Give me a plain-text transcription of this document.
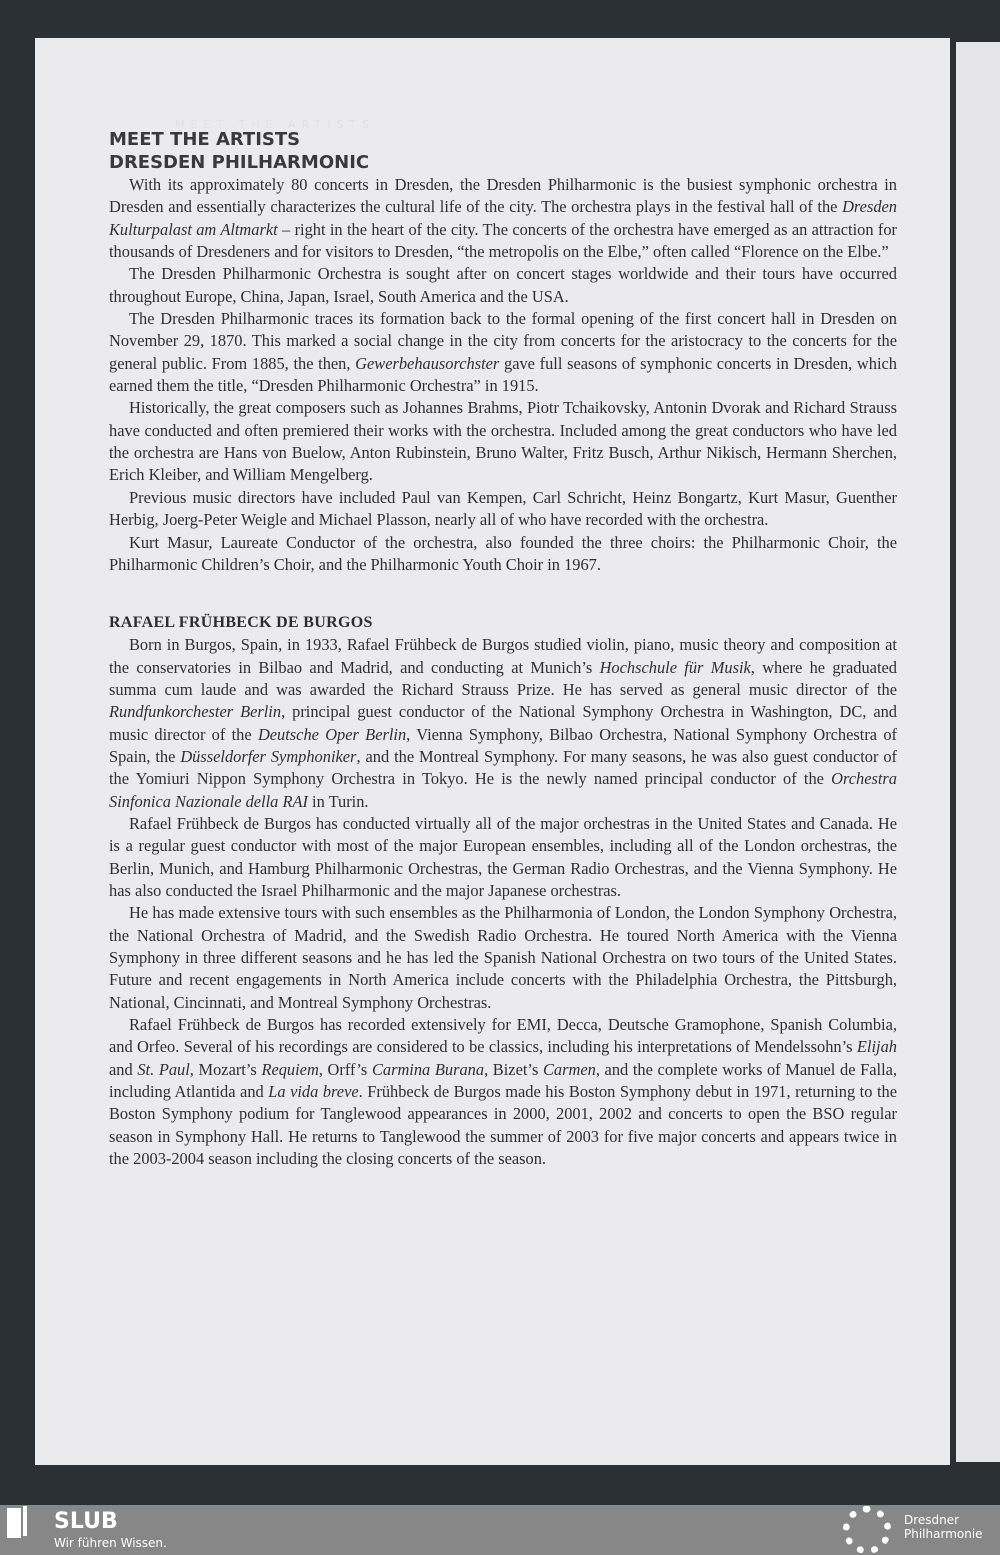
MEET THE ARTISTS
MEET THE ARTISTS
DRESDEN PHILHARMONIC

With its approximately 80 concerts in Dresden, the Dresden Philharmonic is the busiest symphonic orchestra in Dresden and essentially characterizes the cultural life of the city. The orchestra plays in the festival hall of the Dresden Kulturpalast am Altmarkt – right in the heart of the city. The concerts of the orchestra have emerged as an attraction for thousands of Dresdeners and for visitors to Dresden, “the metropolis on the Elbe,” often called “Florence on the Elbe.”

The Dresden Philharmonic Orchestra is sought after on concert stages worldwide and their tours have occurred throughout Europe, China, Japan, Israel, South America and the USA.

The Dresden Philharmonic traces its formation back to the formal opening of the first concert hall in Dresden on November 29, 1870. This marked a social change in the city from concerts for the aristocracy to the concerts for the general public. From 1885, the then, Gewerbehausorchster gave full seasons of symphonic concerts in Dresden, which earned them the title, “Dresden Philharmonic Orchestra” in 1915.

Historically, the great composers such as Johannes Brahms, Piotr Tchaikovsky, Antonin Dvorak and Richard Strauss have conducted and often premiered their works with the orchestra. Included among the great conductors who have led the orchestra are Hans von Buelow, Anton Rubinstein, Bruno Walter, Fritz Busch, Arthur Nikisch, Hermann Sherchen, Erich Kleiber, and William Mengelberg.

Previous music directors have included Paul van Kempen, Carl Schricht, Heinz Bongartz, Kurt Masur, Guenther Herbig, Joerg-Peter Weigle and Michael Plasson, nearly all of who have recorded with the orchestra.

Kurt Masur, Laureate Conductor of the orchestra, also founded the three choirs: the Philharmonic Choir, the Philharmonic Children’s Choir, and the Philharmonic Youth Choir in 1967.

RAFAEL FRÜHBECK DE BURGOS

Born in Burgos, Spain, in 1933, Rafael Frühbeck de Burgos studied violin, piano, music theory and composition at the conservatories in Bilbao and Madrid, and conducting at Munich’s Hochschule für Musik, where he graduated summa cum laude and was awarded the Richard Strauss Prize. He has served as general music director of the Rundfunkorchester Berlin, principal guest conductor of the National Symphony Orchestra in Washington, DC, and music director of the Deutsche Oper Berlin, Vienna Symphony, Bilbao Orchestra, National Symphony Orchestra of Spain, the Düsseldorfer Symphoniker, and the Montreal Symphony. For many seasons, he was also guest conductor of the Yomiuri Nippon Symphony Orchestra in Tokyo. He is the newly named principal conductor of the Orchestra Sinfonica Nazionale della RAI in Turin.

Rafael Frühbeck de Burgos has conducted virtually all of the major orchestras in the United States and Canada. He is a regular guest conductor with most of the major European ensembles, including all of the London orchestras, the Berlin, Munich, and Hamburg Philharmonic Orchestras, the German Radio Orchestras, and the Vienna Symphony. He has also conducted the Israel Philharmonic and the major Japanese orchestras.

He has made extensive tours with such ensembles as the Philharmonia of London, the London Symphony Orchestra, the National Orchestra of Madrid, and the Swedish Radio Orchestra. He toured North America with the Vienna Symphony in three different seasons and he has led the Spanish National Orchestra on two tours of the United States. Future and recent engagements in North America include concerts with the Philadelphia Orchestra, the Pittsburgh, National, Cincinnati, and Montreal Symphony Orchestras.

Rafael Frühbeck de Burgos has recorded extensively for EMI, Decca, Deutsche Gramophone, Spanish Columbia, and Orfeo. Several of his recordings are considered to be classics, including his interpretations of Mendelssohn’s Elijah and St. Paul, Mozart’s Requiem, Orff’s Carmina Burana, Bizet’s Carmen, and the complete works of Manuel de Falla, including Atlantida and La vida breve. Frühbeck de Burgos made his Boston Symphony debut in 1971, returning to the Boston Symphony podium for Tanglewood appearances in 2000, 2001, 2002 and concerts to open the BSO regular season in Symphony Hall. He returns to Tanglewood the summer of 2003 for five major concerts and appears twice in the 2003-2004 season including the closing concerts of the season.

SLUB
Wir führen Wissen.
Dresdner
Philharmonie
